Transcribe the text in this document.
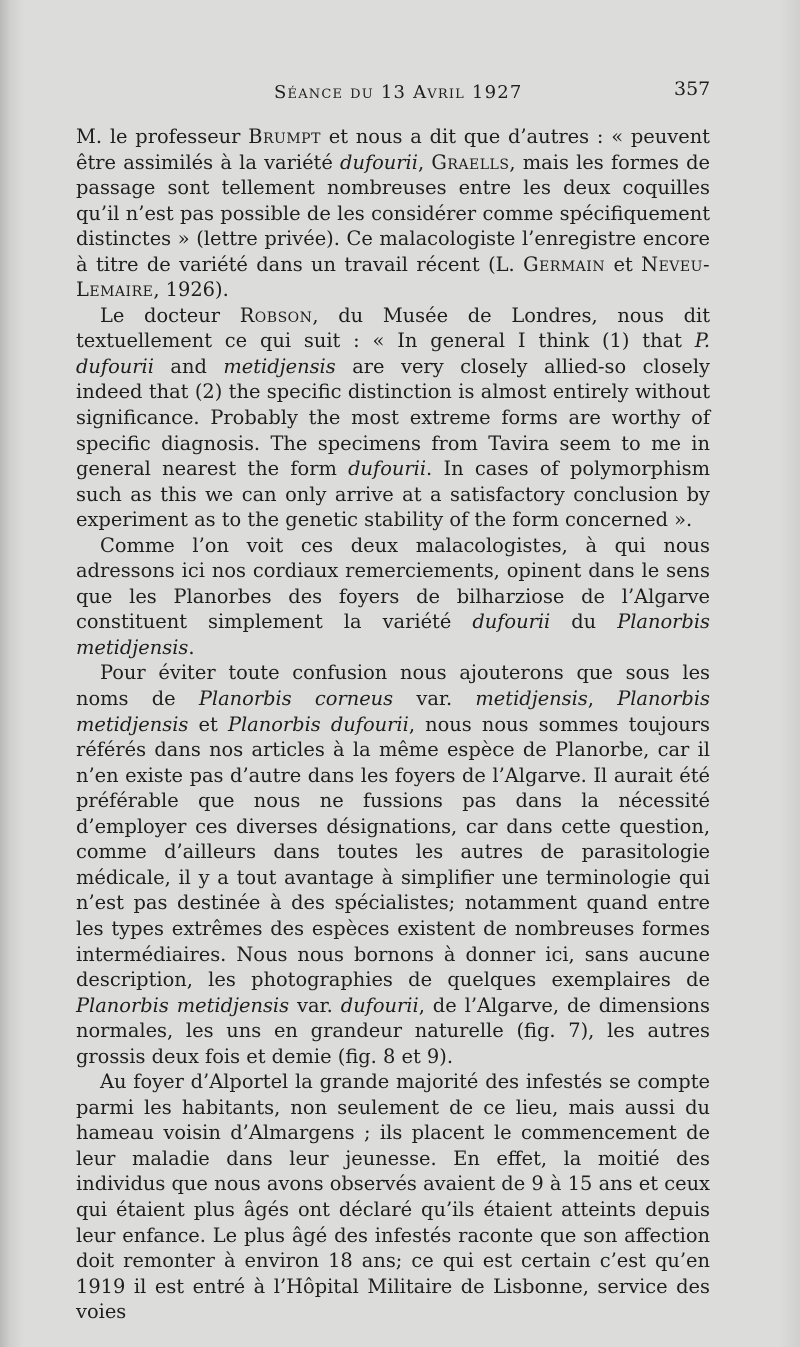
Séance du 13 Avril 1927	357

M. le professeur Brumpt et nous a dit que d’autres : « peuvent être assimilés à la variété dufourii, Graells, mais les formes de passage sont tellement nombreuses entre les deux coquilles qu’il n’est pas possible de les considérer comme spécifiquement distinctes » (lettre privée). Ce malacologiste l’enregistre encore à titre de variété dans un travail récent (L. Germain et Neveu-Lemaire, 1926).

Le docteur Robson, du Musée de Londres, nous dit textuellement ce qui suit : « In general I think (1) that P. dufourii and metidjensis are very closely allied-so closely indeed that (2) the specific distinction is almost entirely without significance. Probably the most extreme forms are worthy of specific diagnosis. The specimens from Tavira seem to me in general nearest the form dufourii. In cases of polymorphism such as this we can only arrive at a satisfactory conclusion by experiment as to the genetic stability of the form concerned ».

Comme l’on voit ces deux malacologistes, à qui nous adressons ici nos cordiaux remerciements, opinent dans le sens que les Planorbes des foyers de bilharziose de l’Algarve constituent simplement la variété dufourii du Planorbis metidjensis.

Pour éviter toute confusion nous ajouterons que sous les noms de Planorbis corneus var. metidjensis, Planorbis metidjensis et Planorbis dufourii, nous nous sommes toujours référés dans nos articles à la même espèce de Planorbe, car il n’en existe pas d’autre dans les foyers de l’Algarve. Il aurait été préférable que nous ne fussions pas dans la nécessité d’employer ces diverses désignations, car dans cette question, comme d’ailleurs dans toutes les autres de parasitologie médicale, il y a tout avantage à simplifier une terminologie qui n’est pas destinée à des spécialistes; notamment quand entre les types extrêmes des espèces existent de nombreuses formes intermédiaires. Nous nous bornons à donner ici, sans aucune description, les photographies de quelques exemplaires de Planorbis metidjensis var. dufourii, de l’Algarve, de dimensions normales, les uns en grandeur naturelle (fig. 7), les autres grossis deux fois et demie (fig. 8 et 9).

Au foyer d’Alportel la grande majorité des infestés se compte parmi les habitants, non seulement de ce lieu, mais aussi du hameau voisin d’Almargens ; ils placent le commencement de leur maladie dans leur jeunesse. En effet, la moitié des individus que nous avons observés avaient de 9 à 15 ans et ceux qui étaient plus âgés ont déclaré qu’ils étaient atteints depuis leur enfance. Le plus âgé des infestés raconte que son affection doit remonter à environ 18 ans; ce qui est certain c’est qu’en 1919 il est entré à l’Hôpital Militaire de Lisbonne, service des voies
